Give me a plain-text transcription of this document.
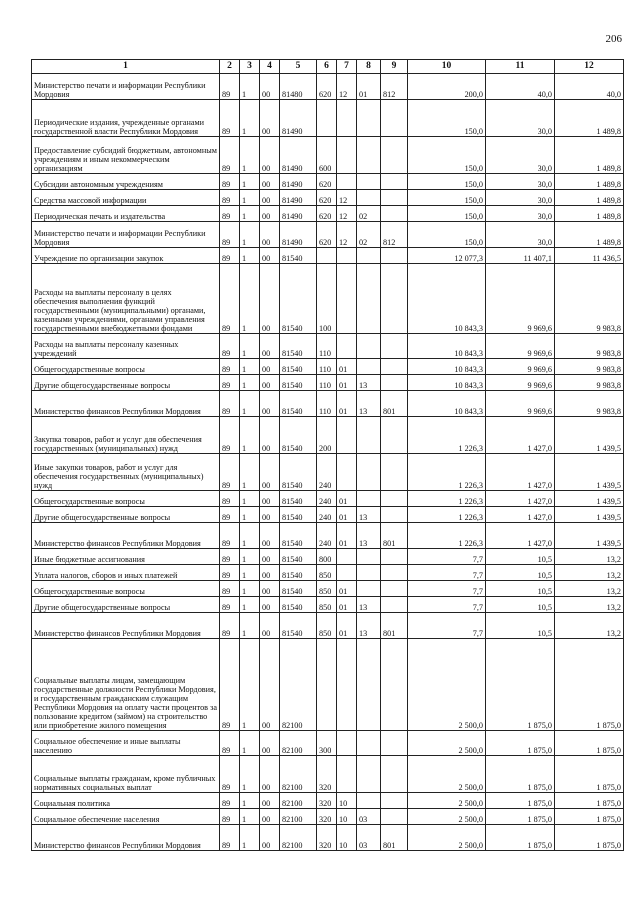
206
1	2	3	4	5	6	7	8	9	10	11	12
Министерство печати и информации Республики Мордовия	89	1	00	81480	620	12	01	812	200,0	40,0	40,0
Периодические издания, учрежденные органами государственной власти Республики Мордовия	89	1	00	81490					150,0	30,0	1 489,8
Предоставление субсидий бюджетным, автономным учреждениям и иным некоммерческим организациям	89	1	00	81490	600				150,0	30,0	1 489,8
Субсидии автономным учреждениям	89	1	00	81490	620				150,0	30,0	1 489,8
Средства массовой информации	89	1	00	81490	620	12			150,0	30,0	1 489,8
Периодическая печать и издательства	89	1	00	81490	620	12	02		150,0	30,0	1 489,8
Министерство печати и информации Республики Мордовия	89	1	00	81490	620	12	02	812	150,0	30,0	1 489,8
Учреждение по организации закупок	89	1	00	81540					12 077,3	11 407,1	11 436,5
Расходы на выплаты персоналу в целях обеспечения выполнения функций государственными (муниципальными) органами, казенными учреждениями, органами управления государственными внебюджетными фондами	89	1	00	81540	100				10 843,3	9 969,6	9 983,8
Расходы на выплаты персоналу казенных учреждений	89	1	00	81540	110				10 843,3	9 969,6	9 983,8
Общегосударственные вопросы	89	1	00	81540	110	01			10 843,3	9 969,6	9 983,8
Другие общегосударственные вопросы	89	1	00	81540	110	01	13		10 843,3	9 969,6	9 983,8
Министерство финансов Республики Мордовия	89	1	00	81540	110	01	13	801	10 843,3	9 969,6	9 983,8
Закупка товаров, работ и услуг для обеспечения государственных (муниципальных) нужд	89	1	00	81540	200				1 226,3	1 427,0	1 439,5
Иные закупки товаров, работ и услуг для обеспечения государственных (муниципальных) нужд	89	1	00	81540	240				1 226,3	1 427,0	1 439,5
Общегосударственные вопросы	89	1	00	81540	240	01			1 226,3	1 427,0	1 439,5
Другие общегосударственные вопросы	89	1	00	81540	240	01	13		1 226,3	1 427,0	1 439,5
Министерство финансов Республики Мордовия	89	1	00	81540	240	01	13	801	1 226,3	1 427,0	1 439,5
Иные бюджетные ассигнования	89	1	00	81540	800				7,7	10,5	13,2
Уплата налогов, сборов и иных платежей	89	1	00	81540	850				7,7	10,5	13,2
Общегосударственные вопросы	89	1	00	81540	850	01			7,7	10,5	13,2
Другие общегосударственные вопросы	89	1	00	81540	850	01	13		7,7	10,5	13,2
Министерство финансов Республики Мордовия	89	1	00	81540	850	01	13	801	7,7	10,5	13,2
Социальные выплаты лицам, замещающим государственные должности Республики Мордовия, и государственным гражданским служащим Республики Мордовия на оплату части процентов за пользование кредитом (займом) на строительство или приобретение жилого помещения	89	1	00	82100					2 500,0	1 875,0	1 875,0
Социальное обеспечение и иные выплаты населению	89	1	00	82100	300				2 500,0	1 875,0	1 875,0
Социальные выплаты гражданам, кроме публичных нормативных социальных выплат	89	1	00	82100	320				2 500,0	1 875,0	1 875,0
Социальная политика	89	1	00	82100	320	10			2 500,0	1 875,0	1 875,0
Социальное обеспечение населения	89	1	00	82100	320	10	03		2 500,0	1 875,0	1 875,0
Министерство финансов Республики Мордовия	89	1	00	82100	320	10	03	801	2 500,0	1 875,0	1 875,0
